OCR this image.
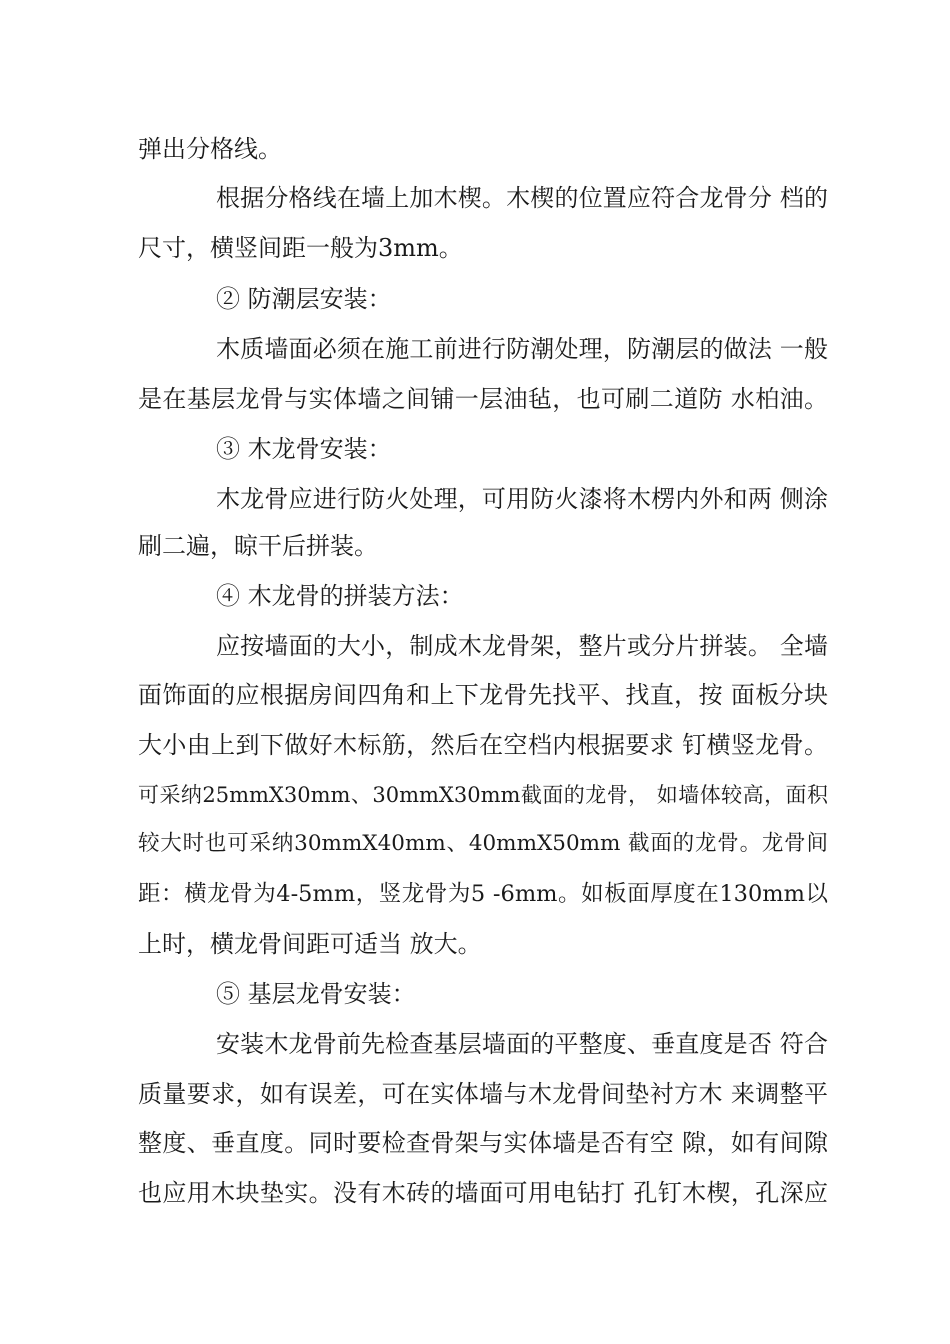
弹出分格线。
根据分格线在墙上加木楔。木楔的位置应符合龙骨分 档的
尺寸，横竖间距一般为3mm。
② 防潮层安装：
木质墙面必须在施工前进行防潮处理，防潮层的做法 一般
是在基层龙骨与实体墙之间铺一层油毡，也可刷二道防 水柏油。
③ 木龙骨安装：
木龙骨应进行防火处理，可用防火漆将木楞内外和两 侧涂
刷二遍，晾干后拼装。
④ 木龙骨的拼装方法：
应按墙面的大小，制成木龙骨架，整片或分片拼装。 全墙
面饰面的应根据房间四角和上下龙骨先找平、找直，按 面板分块
大小由上到下做好木标筋，然后在空档内根据要求 钉横竖龙骨。
可采纳25mmX30mm、30mmX30mm截面的龙骨， 如墙体较高，面积
较大时也可采纳30mmX40mm、40mmX50mm 截面的龙骨。龙骨间
距：横龙骨为4-5mm，竖龙骨为5 -6mm。如板面厚度在130mm以
上时，横龙骨间距可适当 放大。
⑤ 基层龙骨安装：
安装木龙骨前先检查基层墙面的平整度、垂直度是否 符合
质量要求，如有误差，可在实体墙与木龙骨间垫衬方木 来调整平
整度、垂直度。同时要检查骨架与实体墙是否有空 隙，如有间隙
也应用木块垫实。没有木砖的墙面可用电钻打 孔钉木楔，孔深应
